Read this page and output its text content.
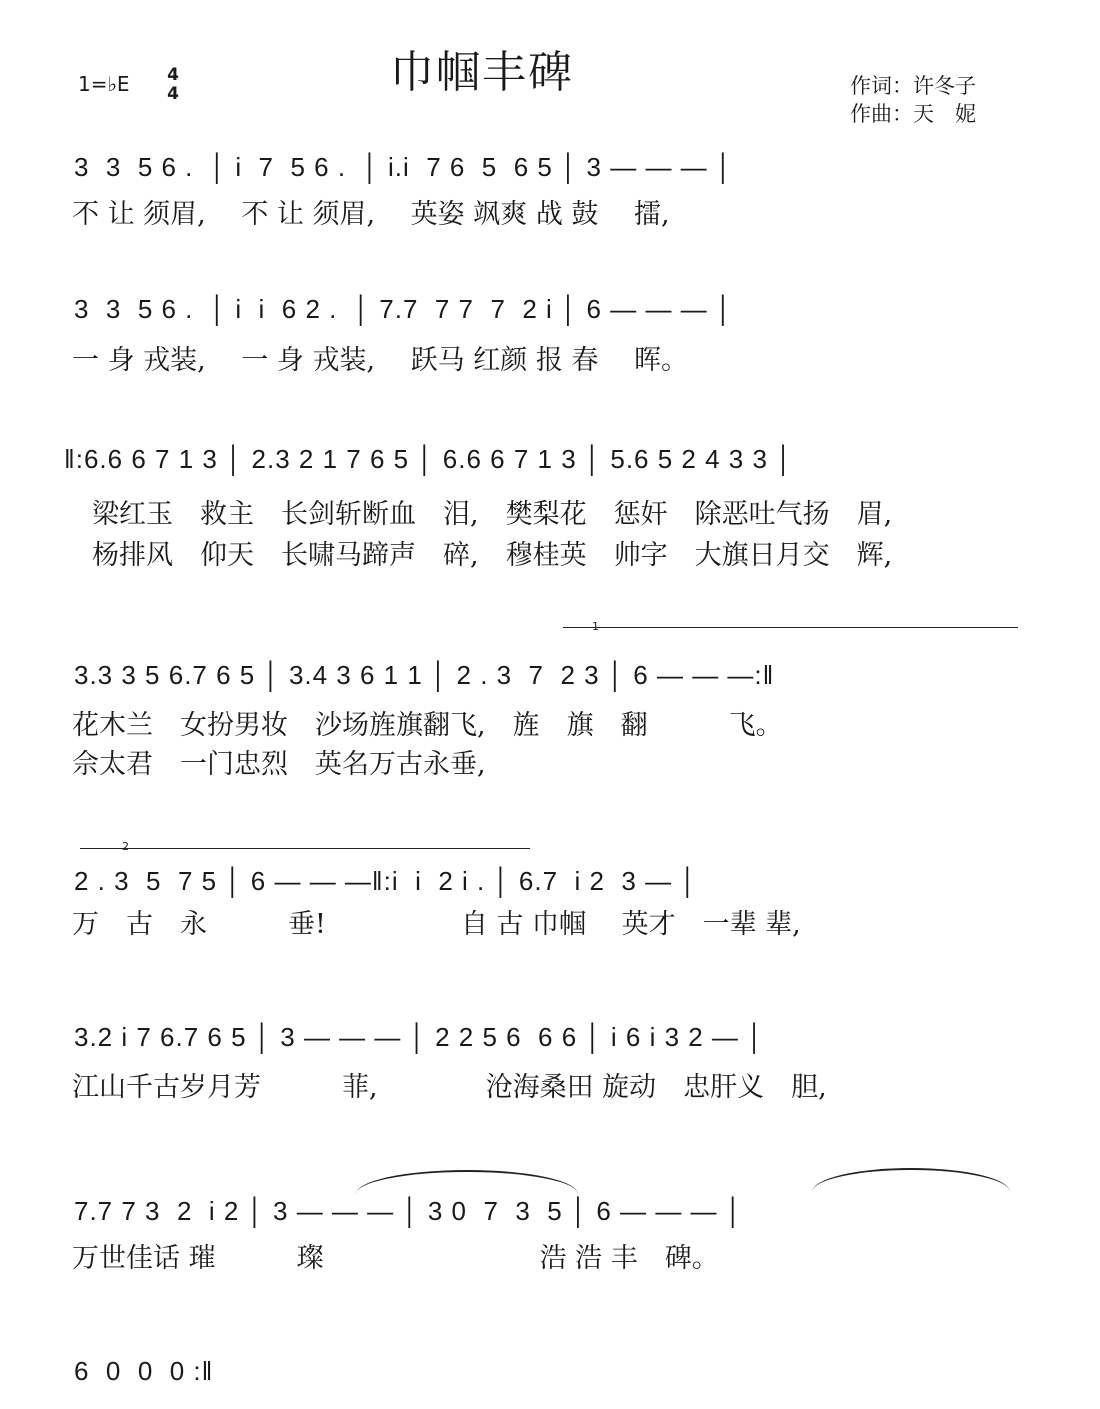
巾帼丰碑
1=♭E 4
4	作词：许冬子
作曲：天　妮
3  3  5 6 .  │ i  7  5 6 .  │ i.i  7 6  5  6 5 │ 3 — — — │
不 让 须眉,　 不 让 须眉,　 英姿 飒爽 战 鼓　 擂,
3  3  5 6 .  │ i  i  6 2 .  │ 7.7  7 7  7  2 i │ 6 — — — │
一 身 戎装,　 一 身 戎装,　 跃马 红颜 报 春　 晖。
‖:6.6 6 7 1 3 │ 2.3 2 1 7 6 5 │ 6.6 6 7 1 3 │ 5.6 5 2 4 3 3 │
梁红玉　救主　长剑斩断血　泪,　樊梨花　惩奸　除恶吐气扬　眉,
杨排风　仰天　长啸马蹄声　碎,　穆桂英　帅字　大旗日月交　辉,
1
3.3 3 5 6.7 6 5 │ 3.4 3 6 1 1 │ 2 . 3  7  2 3 │ 6 — — —:‖
花木兰　女扮男妆　沙场旌旗翻飞,　旌　旗　翻　　　飞。
佘太君　一门忠烈　英名万古永垂,
2
2 . 3  5  7 5 │ 6 — — —‖:i  i  2 i . │ 6.7  i 2  3 — │
万　古　永　　　垂!　　　　　自 古 巾帼　 英才　一辈 辈,
3.2 i 7 6.7 6 5 │ 3 — — — │ 2 2 5 6  6 6 │ i 6 i 3 2 — │
江山千古岁月芳　　　菲,　　　　沧海桑田 旋动　忠肝义　胆,
7.7 7 3  2  i 2 │ 3 — — — │ 3 0  7  3  5 │ 6 — — — │
万世佳话 璀　　　璨　　　　　　　　浩 浩 丰　碑。
6  0  0  0 :‖
